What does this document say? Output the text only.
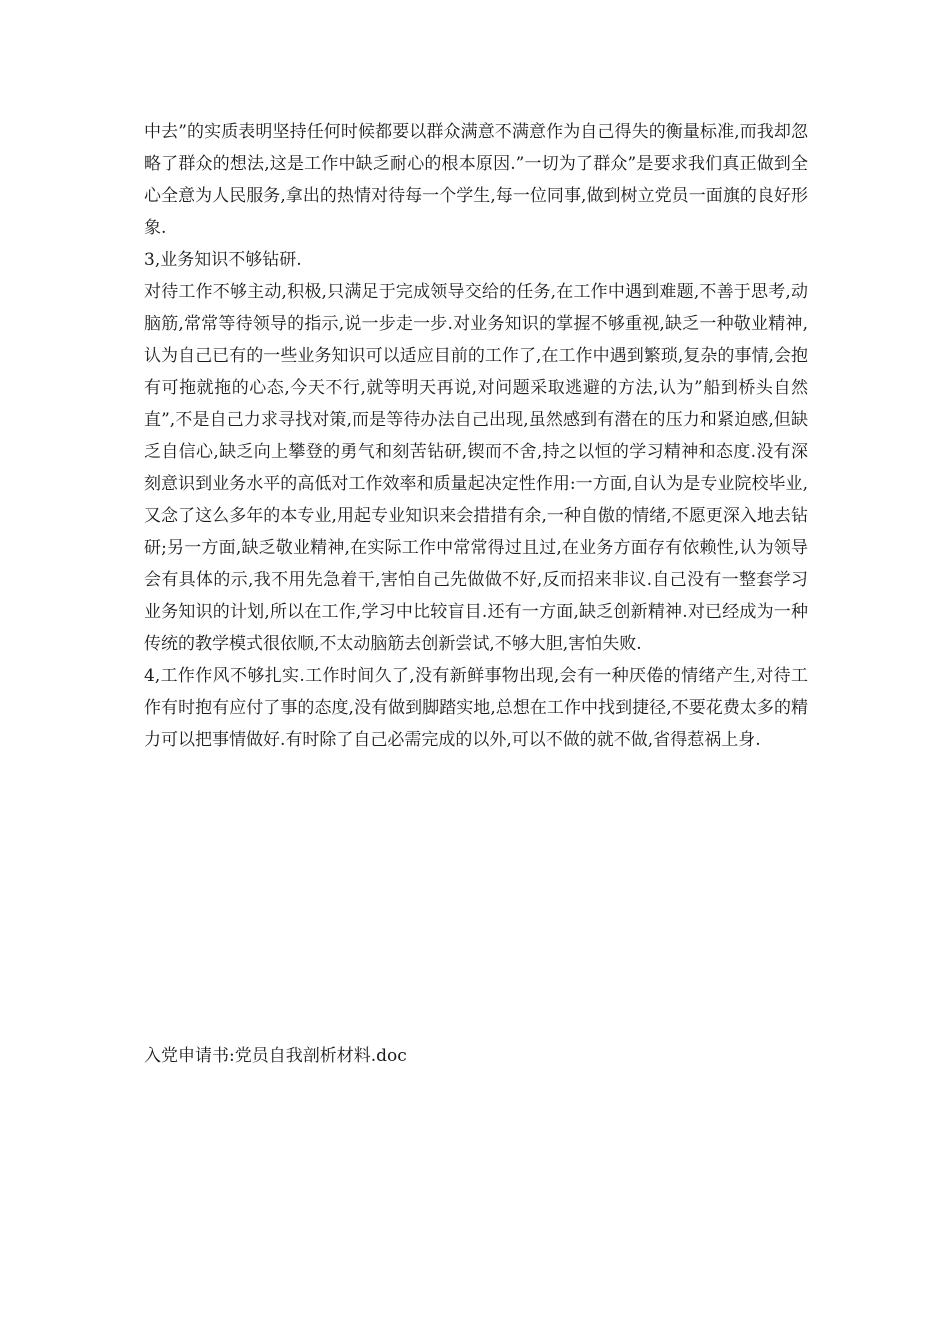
中去”的实质表明坚持任何时候都要以群众满意不满意作为自己得失的衡量标准,而我却忽略了群众的想法,这是工作中缺乏耐心的根本原因.”一切为了群众”是要求我们真正做到全心全意为人民服务,拿出的热情对待每一个学生,每一位同事,做到树立党员一面旗的良好形象.

3,业务知识不够钻研.

对待工作不够主动,积极,只满足于完成领导交给的任务,在工作中遇到难题,不善于思考,动脑筋,常常等待领导的指示,说一步走一步.对业务知识的掌握不够重视,缺乏一种敬业精神,认为自己已有的一些业务知识可以适应目前的工作了,在工作中遇到繁琐,复杂的事情,会抱有可拖就拖的心态,今天不行,就等明天再说,对问题采取逃避的方法,认为”船到桥头自然直”,不是自己力求寻找对策,而是等待办法自己出现,虽然感到有潜在的压力和紧迫感,但缺乏自信心,缺乏向上攀登的勇气和刻苦钻研,锲而不舍,持之以恒的学习精神和态度.没有深刻意识到业务水平的高低对工作效率和质量起决定性作用:一方面,自认为是专业院校毕业,又念了这么多年的本专业,用起专业知识来会措措有余,一种自傲的情绪,不愿更深入地去钻研;另一方面,缺乏敬业精神,在实际工作中常常得过且过,在业务方面存有依赖性,认为领导会有具体的示,我不用先急着干,害怕自己先做做不好,反而招来非议.自己没有一整套学习业务知识的计划,所以在工作,学习中比较盲目.还有一方面,缺乏创新精神.对已经成为一种传统的教学模式很依顺,不太动脑筋去创新尝试,不够大胆,害怕失败.

4,工作作风不够扎实.工作时间久了,没有新鲜事物出现,会有一种厌倦的情绪产生,对待工作有时抱有应付了事的态度,没有做到脚踏实地,总想在工作中找到捷径,不要花费太多的精力可以把事情做好.有时除了自己必需完成的以外,可以不做的就不做,省得惹祸上身.

入党申请书:党员自我剖析材料.doc
